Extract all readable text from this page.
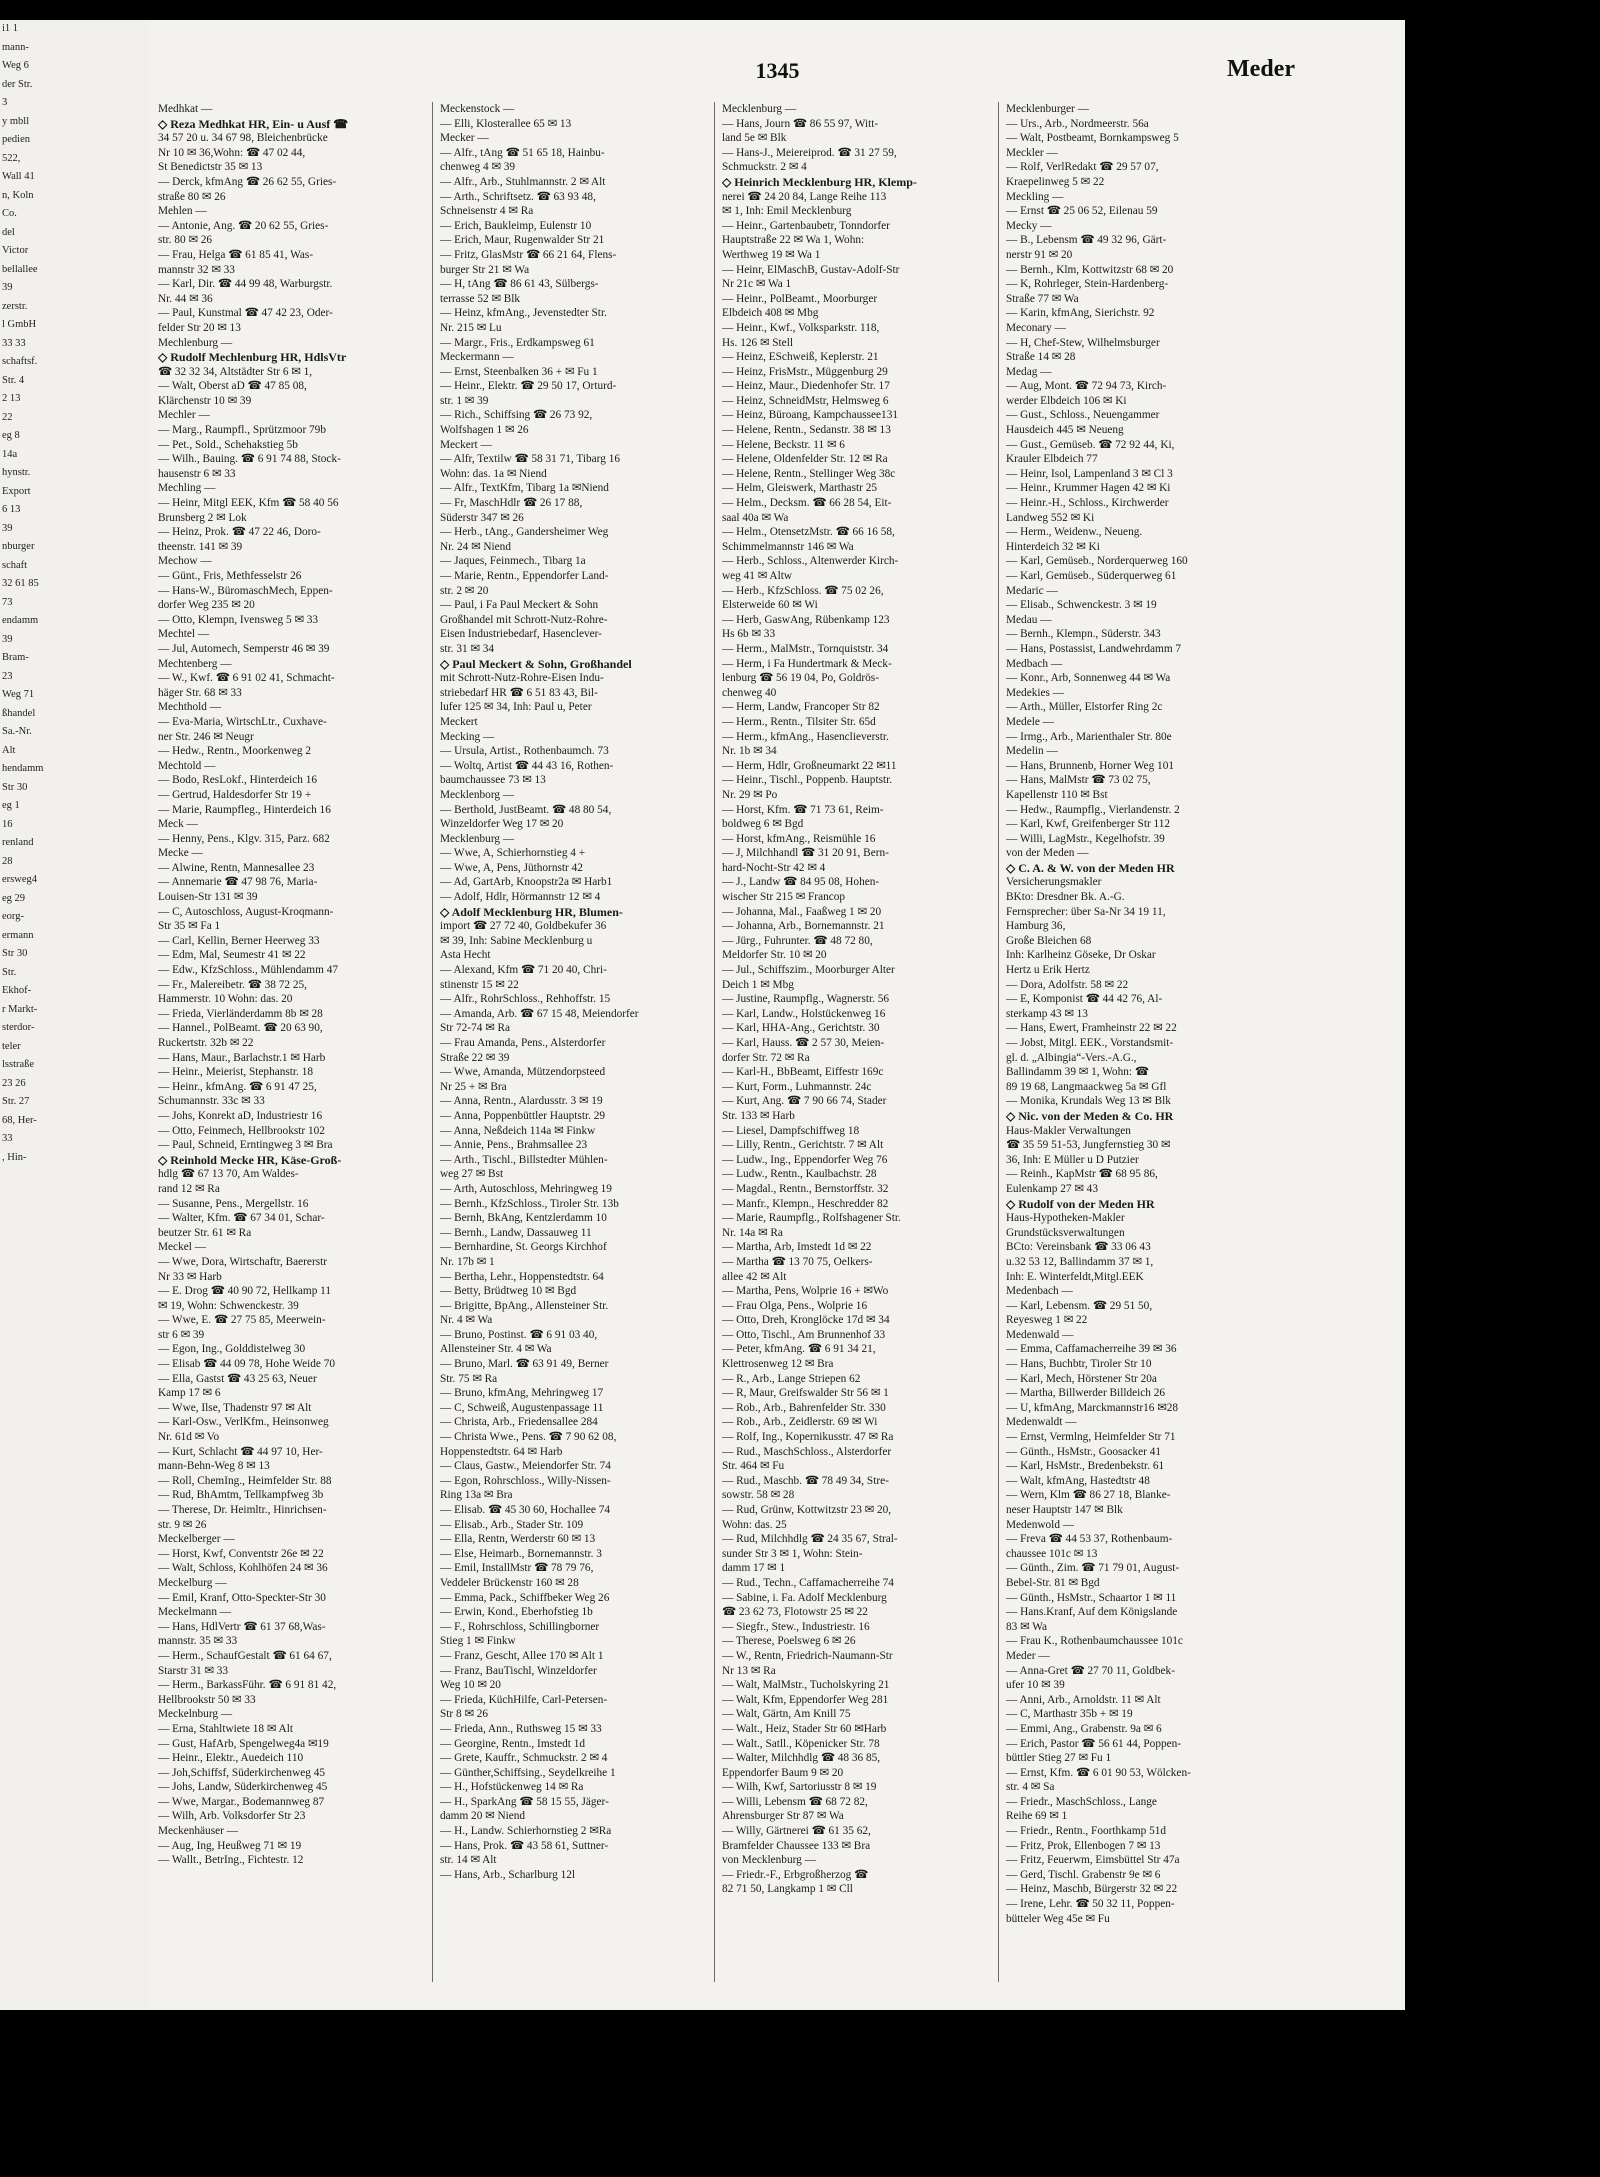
i1 1
mann-
Weg 6
der Str.
3
y mbll
pedien
522,
Wall 41
n, Koln
Co.
del
Victor
bellallee
39
zerstr.
l GmbH
33 33
schaftsf.
Str. 4
2 13
22
eg 8
14a
hynstr.
Export
6 13
39
nburger
schaft
32 61 85
73
endamm
39
Bram-
23
Weg 71
ßhandel
Sa.-Nr.
Alt
hendamm
Str 30
eg 1
16
renland
28
ersweg4
eg 29
eorg-
ermann
Str 30
Str.
Ekhof-
r Markt-
sterdor-
teler
lsstraße
23 26
Str. 27
68, Her-
33
, Hin-
1345	Meder
Medhkat —
◇ Reza Medhkat HR, Ein- u Ausf ☎
34 57 20 u. 34 67 98, Bleichenbrücke
Nr 10 ✉ 36,Wohn: ☎ 47 02 44,
St Benedictstr 35 ✉ 13
— Derck, kfmAng ☎ 26 62 55, Gries-
straße 80 ✉ 26
Mehlen —
— Antonie, Ang. ☎ 20 62 55, Gries-
str. 80 ✉ 26
— Frau, Helga ☎ 61 85 41, Was-
mannstr 32 ✉ 33
— Karl, Dir. ☎ 44 99 48, Warburgstr.
Nr. 44 ✉ 36
— Paul, Kunstmal ☎ 47 42 23, Oder-
felder Str 20 ✉ 13
Mechlenburg —
◇ Rudolf Mechlenburg HR, HdlsVtr
☎ 32 32 34, Altstädter Str 6 ✉ 1,
— Walt, Oberst aD ☎ 47 85 08,
Klärchenstr 10 ✉ 39
Mechler —
— Marg., Raumpfl., Sprützmoor 79b
— Pet., Sold., Schehakstieg 5b
— Wilh., Bauing. ☎ 6 91 74 88, Stock-
hausenstr 6 ✉ 33
Mechling —
— Heinr, Mitgl EEK, Kfm ☎ 58 40 56
Brunsberg 2 ✉ Lok
— Heinz, Prok. ☎ 47 22 46, Doro-
theenstr. 141 ✉ 39
Mechow —
— Günt., Fris, Methfesselstr 26
— Hans-W., BüromaschMech, Eppen-
dorfer Weg 235 ✉ 20
— Otto, Klempn, Ivensweg 5 ✉ 33
Mechtel —
— Jul, Automech, Semperstr 46 ✉ 39
Mechtenberg —
— W., Kwf. ☎ 6 91 02 41, Schmacht-
häger Str. 68 ✉ 33
Mechthold —
— Eva-Maria, WirtschLtr., Cuxhave-
ner Str. 246 ✉ Neugr
— Hedw., Rentn., Moorkenweg 2
Mechtold —
— Bodo, ResLokf., Hinterdeich 16
— Gertrud, Haldesdorfer Str 19 +
— Marie, Raumpfleg., Hinterdeich 16
Meck —
— Henny, Pens., Klgv. 315, Parz. 682
Mecke —
— Alwine, Rentn, Mannesallee 23
— Annemarie ☎ 47 98 76, Maria-
Louisen-Str 131 ✉ 39
— C, Autoschloss, August-Kroqmann-
Str 35 ✉ Fa 1
— Carl, Kellin, Berner Heerweg 33
— Edm, Mal, Seumestr 41 ✉ 22
— Edw., KfzSchloss., Mühlendamm 47
— Fr., Malereibetr. ☎ 38 72 25,
Hammerstr. 10 Wohn: das. 20
— Frieda, Vierländerdamm 8b ✉ 28
— Hannel., PolBeamt. ☎ 20 63 90,
Ruckertstr. 32b ✉ 22
— Hans, Maur., Barlachstr.1 ✉ Harb
— Heinr., Meierist, Stephanstr. 18
— Heinr., kfmAng. ☎ 6 91 47 25,
Schumannstr. 33c ✉ 33
— Johs, Konrekt aD, Industriestr 16
— Otto, Feinmech, Hellbrookstr 102
— Paul, Schneid, Erntingweg 3 ✉ Bra
◇ Reinhold Mecke HR, Käse-Groß-
hdlg ☎ 67 13 70, Am Waldes-
rand 12 ✉ Ra
— Susanne, Pens., Mergellstr. 16
— Walter, Kfm. ☎ 67 34 01, Schar-
beutzer Str. 61 ✉ Ra
Meckel —
— Wwe, Dora, Wirtschaftr, Baererstr
Nr 33 ✉ Harb
— E. Drog ☎ 40 90 72, Hellkamp 11
✉ 19, Wohn: Schwenckestr. 39
— Wwe, E. ☎ 27 75 85, Meerwein-
str 6 ✉ 39
— Egon, Ing., Golddistelweg 30
— Elisab ☎ 44 09 78, Hohe Weide 70
— Ella, Gastst ☎ 43 25 63, Neuer
Kamp 17 ✉ 6
— Wwe, Ilse, Thadenstr 97 ✉ Alt
— Karl-Osw., VerlKfm., Heinsonweg
Nr. 61d ✉ Vo
— Kurt, Schlacht ☎ 44 97 10, Her-
mann-Behn-Weg 8 ✉ 13
— Roll, ChemIng., Heimfelder Str. 88
— Rud, BhAmtm, Tellkampfweg 3b
— Therese, Dr. Heimltr., Hinrichsen-
str. 9 ✉ 26
Meckelberger —
— Horst, Kwf, Conventstr 26e ✉ 22
— Walt, Schloss, Kohlhöfen 24 ✉ 36
Meckelburg —
— Emil, Kranf, Otto-Speckter-Str 30
Meckelmann —
— Hans, HdlVertr ☎ 61 37 68,Was-
mannstr. 35 ✉ 33
— Herm., SchaufGestalt ☎ 61 64 67,
Starstr 31 ✉ 33
— Herm., BarkassFühr. ☎ 6 91 81 42,
Hellbrookstr 50 ✉ 33
Meckelnburg —
— Erna, Stahltwiete 18 ✉ Alt
— Gust, HafArb, Spengelweg4a ✉19
— Heinr., Elektr., Auedeich 110
— Joh,Schiffsf, Süderkirchenweg 45
— Johs, Landw, Süderkirchenweg 45
— Wwe, Margar., Bodemannweg 87
— Wilh, Arb. Volksdorfer Str 23
Meckenhäuser —
— Aug, Ing, Heußweg 71 ✉ 19
— Wallt., BetrIng., Fichtestr. 12
Meckenstock —
— Elli, Klosterallee 65 ✉ 13
Mecker —
— Alfr., tAng ☎ 51 65 18, Hainbu-
chenweg 4 ✉ 39
— Alfr., Arb., Stuhlmannstr. 2 ✉ Alt
— Arth., Schriftsetz. ☎ 63 93 48,
Schneisenstr 4 ✉ Ra
— Erich, Baukleimp, Eulenstr 10
— Erich, Maur, Rugenwalder Str 21
— Fritz, GlasMstr ☎ 66 21 64, Flens-
burger Str 21 ✉ Wa
— H, tAng ☎ 86 61 43, Sülbergs-
terrasse 52 ✉ Blk
— Heinz, kfmAng., Jevenstedter Str.
Nr. 215 ✉ Lu
— Margr., Fris., Erdkampsweg 61
Meckermann —
— Ernst, Steenbalken 36 + ✉ Fu 1
— Heinr., Elektr. ☎ 29 50 17, Orturd-
str. 1 ✉ 39
— Rich., Schiffsing ☎ 26 73 92,
Wolfshagen 1 ✉ 26
Meckert —
— Alfr, Textilw ☎ 58 31 71, Tibarg 16
Wohn: das. 1a ✉ Niend
— Alfr., TextKfm, Tibarg 1a ✉Niend
— Fr, MaschHdlr ☎ 26 17 88,
Süderstr 347 ✉ 26
— Herb., tAng., Gandersheimer Weg
Nr. 24 ✉ Niend
— Jaques, Feinmech., Tibarg 1a
— Marie, Rentn., Eppendorfer Land-
str. 2 ✉ 20
— Paul, i Fa Paul Meckert & Sohn
Großhandel mit Schrott-Nutz-Rohre-
Eisen Industriebedarf, Hasenclever-
str. 31 ✉ 34
◇ Paul Meckert & Sohn, Großhandel
mit Schrott-Nutz-Rohre-Eisen Indu-
striebedarf HR ☎ 6 51 83 43, Bil-
lufer 125 ✉ 34, Inh: Paul u, Peter
Meckert
Mecking —
— Ursula, Artist., Rothenbaumch. 73
— Woltq, Artist ☎ 44 43 16, Rothen-
baumchaussee 73 ✉ 13
Mecklenborg —
— Berthold, JustBeamt. ☎ 48 80 54,
Winzeldorfer Weg 17 ✉ 20
Mecklenburg —
— Wwe, A, Schierhornstieg 4 +
— Wwe, A, Pens, Jüthornstr 42
— Ad, GartArb, Knoopstr2a ✉ Harb1
— Adolf, Hdlr, Hörmannstr 12 ✉ 4
◇ Adolf Mecklenburg HR, Blumen-
import ☎ 27 72 40, Goldbekufer 36
✉ 39, Inh: Sabine Mecklenburg u
Asta Hecht
— Alexand, Kfm ☎ 71 20 40, Chri-
stinenstr 15 ✉ 22
— Alfr., RohrSchloss., Rehhoffstr. 15
— Amanda, Arb. ☎ 67 15 48, Meiendorfer
Str 72-74 ✉ Ra
— Frau Amanda, Pens., Alsterdorfer
Straße 22 ✉ 39
— Wwe, Amanda, Mützendorpsteed
Nr 25 + ✉ Bra
— Anna, Rentn., Alardusstr. 3 ✉ 19
— Anna, Poppenbüttler Hauptstr. 29
— Anna, Neßdeich 114a ✉ Finkw
— Annie, Pens., Brahmsallee 23
— Arth., Tischl., Billstedter Mühlen-
weg 27 ✉ Bst
— Arth, Autoschloss, Mehringweg 19
— Bernh., KfzSchloss., Tiroler Str. 13b
— Bernh, BkAng, Kentzlerdamm 10
— Bernh., Landw, Dassauweg 11
— Bernhardine, St. Georgs Kirchhof
Nr. 17b ✉ 1
— Bertha, Lehr., Hoppenstedtstr. 64
— Betty, Brüdtweg 10 ✉ Bgd
— Brigitte, BpAng., Allensteiner Str.
Nr. 4 ✉ Wa
— Bruno, Postinst. ☎ 6 91 03 40,
Allensteiner Str. 4 ✉ Wa
— Bruno, Marl. ☎ 63 91 49, Berner
Str. 75 ✉ Ra
— Bruno, kfmAng, Mehringweg 17
— C, Schweiß, Augustenpassage 11
— Christa, Arb., Friedensallee 284
— Christa Wwe., Pens. ☎ 7 90 62 08,
Hoppenstedtstr. 64 ✉ Harb
— Claus, Gastw., Meiendorfer Str. 74
— Egon, Rohrschloss., Willy-Nissen-
Ring 13a ✉ Bra
— Elisab. ☎ 45 30 60, Hochallee 74
— Elisab., Arb., Stader Str. 109
— Ella, Rentn, Werderstr 60 ✉ 13
— Else, Heimarb., Bornemannstr. 3
— Emil, InstallMstr ☎ 78 79 76,
Veddeler Brückenstr 160 ✉ 28
— Emma, Pack., Schiffbeker Weg 26
— Erwin, Kond., Eberhofstieg 1b
— F., Rohrschloss, Schillingborner
Stieg 1 ✉ Finkw
— Franz, Gescht, Allee 170 ✉ Alt 1
— Franz, BauTischl, Winzeldorfer
Weg 10 ✉ 20
— Frieda, KüchHilfe, Carl-Petersen-
Str 8 ✉ 26
— Frieda, Ann., Ruthsweg 15 ✉ 33
— Georgine, Rentn., Imstedt 1d
— Grete, Kauffr., Schmuckstr. 2 ✉ 4
— Günther,Schiffsing., Seydelkreihe 1
— H., Hofstückenweg 14 ✉ Ra
— H., SparkAng ☎ 58 15 55, Jäger-
damm 20 ✉ Niend
— H., Landw. Schierhornstieg 2 ✉Ra
— Hans, Prok. ☎ 43 58 61, Suttner-
str. 14 ✉ Alt
— Hans, Arb., Scharlburg 12l
Mecklenburg —
— Hans, Journ ☎ 86 55 97, Witt-
land 5e ✉ Blk
— Hans-J., Meiereiprod. ☎ 31 27 59,
Schmuckstr. 2 ✉ 4
◇ Heinrich Mecklenburg HR, Klemp-
nerei ☎ 24 20 84, Lange Reihe 113
✉ 1, Inh: Emil Mecklenburg
— Heinr., Gartenbaubetr, Tonndorfer
Hauptstraße 22 ✉ Wa 1, Wohn:
Werthweg 19 ✉ Wa 1
— Heinr, ElMaschB, Gustav-Adolf-Str
Nr 21c ✉ Wa 1
— Heinr., PolBeamt., Moorburger
Elbdeich 408 ✉ Mbg
— Heinr., Kwf., Volksparkstr. 118,
Hs. 126 ✉ Stell
— Heinz, ESchweiß, Keplerstr. 21
— Heinz, FrisMstr., Müggenburg 29
— Heinz, Maur., Diedenhofer Str. 17
— Heinz, SchneidMstr, Helmsweg 6
— Heinz, Büroang, Kampchaussee131
— Helene, Rentn., Sedanstr. 38 ✉ 13
— Helene, Beckstr. 11 ✉ 6
— Helene, Oldenfelder Str. 12 ✉ Ra
— Helene, Rentn., Stellinger Weg 38c
— Helm, Gleiswerk, Marthastr 25
— Helm., Decksm. ☎ 66 28 54, Eit-
saal 40a ✉ Wa
— Helm., OtensetzMstr. ☎ 66 16 58,
Schimmelmannstr 146 ✉ Wa
— Herb., Schloss., Altenwerder Kirch-
weg 41 ✉ Altw
— Herb., KfzSchloss. ☎ 75 02 26,
Elsterweide 60 ✉ Wi
— Herb, GaswAng, Rübenkamp 123
Hs 6b ✉ 33
— Herm., MalMstr., Tornquiststr. 34
— Herm, i Fa Hundertmark & Meck-
lenburg ☎ 56 19 04, Po, Goldrös-
chenweg 40
— Herm, Landw, Francoper Str 82
— Herm., Rentn., Tilsiter Str. 65d
— Herm., kfmAng., Hasenclieverstr.
Nr. 1b ✉ 34
— Herm, Hdlr, Großneumarkt 22 ✉11
— Heinr., Tischl., Poppenb. Hauptstr.
Nr. 29 ✉ Po
— Horst, Kfm. ☎ 71 73 61, Reim-
boldweg 6 ✉ Bgd
— Horst, kfmAng., Reismühle 16
— J, Milchhandl ☎ 31 20 91, Bern-
hard-Nocht-Str 42 ✉ 4
— J., Landw ☎ 84 95 08, Hohen-
wischer Str 215 ✉ Francop
— Johanna, Mal., Faaßweg 1 ✉ 20
— Johanna, Arb., Bornemannstr. 21
— Jürg., Fuhrunter. ☎ 48 72 80,
Meldorfer Str. 10 ✉ 20
— Jul., Schiffszim., Moorburger Alter
Deich 1 ✉ Mbg
— Justine, Raumpflg., Wagnerstr. 56
— Karl, Landw., Holstückenweg 16
— Karl, HHA-Ang., Gerichtstr. 30
— Karl, Hauss. ☎ 2 57 30, Meien-
dorfer Str. 72 ✉ Ra
— Karl-H., BbBeamt, Eiffestr 169c
— Kurt, Form., Luhmannstr. 24c
— Kurt, Ang. ☎ 7 90 66 74, Stader
Str. 133 ✉ Harb
— Liesel, Dampfschiffweg 18
— Lilly, Rentn., Gerichtstr. 7 ✉ Alt
— Ludw., Ing., Eppendorfer Weg 76
— Ludw., Rentn., Kaulbachstr. 28
— Magdal., Rentn., Bernstorffstr. 32
— Manfr., Klempn., Heschredder 82
— Marie, Raumpflg., Rolfshagener Str.
Nr. 14a ✉ Ra
— Martha, Arb, Imstedt 1d ✉ 22
— Martha ☎ 13 70 75, Oelkers-
allee 42 ✉ Alt
— Martha, Pens, Wolprie 16 + ✉Wo
— Frau Olga, Pens., Wolprie 16
— Otto, Dreh, Kronglöcke 17d ✉ 34
— Otto, Tischl., Am Brunnenhof 33
— Peter, kfmAng. ☎ 6 91 34 21,
Klettrosenweg 12 ✉ Bra
— R., Arb., Lange Striepen 62
— R, Maur, Greifswalder Str 56 ✉ 1
— Rob., Arb., Bahrenfelder Str. 330
— Rob., Arb., Zeidlerstr. 69 ✉ Wi
— Rolf, Ing., Kopernikusstr. 47 ✉ Ra
— Rud., MaschSchloss., Alsterdorfer
Str. 464 ✉ Fu
— Rud., Maschb. ☎ 78 49 34, Stre-
sowstr. 58 ✉ 28
— Rud, Grünw, Kottwitzstr 23 ✉ 20,
Wohn: das. 25
— Rud, Milchhdlg ☎ 24 35 67, Stral-
sunder Str 3 ✉ 1, Wohn: Stein-
damm 17 ✉ 1
— Rud., Techn., Caffamacherreihe 74
— Sabine, i. Fa. Adolf Mecklenburg
☎ 23 62 73, Flotowstr 25 ✉ 22
— Siegfr., Stew., Industriestr. 16
— Therese, Poelsweg 6 ✉ 26
— W., Rentn, Friedrich-Naumann-Str
Nr 13 ✉ Ra
— Walt, MalMstr., Tucholskyring 21
— Walt, Kfm, Eppendorfer Weg 281
— Walt, Gärtn, Am Knill 75
— Walt., Heiz, Stader Str 60 ✉Harb
— Walt., Satll., Köpenicker Str. 78
— Walter, Milchhdlg ☎ 48 36 85,
Eppendorfer Baum 9 ✉ 20
— Wilh, Kwf, Sartoriusstr 8 ✉ 19
— Willi, Lebensm ☎ 68 72 82,
Ahrensburger Str 87 ✉ Wa
— Willy, Gärtnerei ☎ 61 35 62,
Bramfelder Chaussee 133 ✉ Bra
von Mecklenburg —
— Friedr.-F., Erbgroßherzog ☎
82 71 50, Langkamp 1 ✉ Cll
Mecklenburger —
— Urs., Arb., Nordmeerstr. 56a
— Walt, Postbeamt, Bornkampsweg 5
Meckler —
— Rolf, VerlRedakt ☎ 29 57 07,
Kraepelinweg 5 ✉ 22
Meckling —
— Ernst ☎ 25 06 52, Eilenau 59
Mecky —
— B., Lebensm ☎ 49 32 96, Gärt-
nerstr 91 ✉ 20
— Bernh., Klm, Kottwitzstr 68 ✉ 20
— K, Rohrleger, Stein-Hardenberg-
Straße 77 ✉ Wa
— Karin, kfmAng, Sierichstr. 92
Meconary —
— H, Chef-Stew, Wilhelmsburger
Straße 14 ✉ 28
Medag —
— Aug, Mont. ☎ 72 94 73, Kirch-
werder Elbdeich 106 ✉ Ki
— Gust., Schloss., Neuengammer
Hausdeich 445 ✉ Neueng
— Gust., Gemüseb. ☎ 72 92 44, Ki,
Krauler Elbdeich 77
— Heinr, Isol, Lampenland 3 ✉ Cl 3
— Heinr., Krummer Hagen 42 ✉ Ki
— Heinr.-H., Schloss., Kirchwerder
Landweg 552 ✉ Ki
— Herm., Weidenw., Neueng.
Hinterdeich 32 ✉ Ki
— Karl, Gemüseb., Norderquerweg 160
— Karl, Gemüseb., Süderquerweg 61
Medaric —
— Elisab., Schwenckestr. 3 ✉ 19
Medau —
— Bernh., Klempn., Süderstr. 343
— Hans, Postassist, Landwehrdamm 7
Medbach —
— Konr., Arb, Sonnenweg 44 ✉ Wa
Medekies —
— Arth., Müller, Elstorfer Ring 2c
Medele —
— Irmg., Arb., Marienthaler Str. 80e
Medelin —
— Hans, Brunnenb, Horner Weg 101
— Hans, MalMstr ☎ 73 02 75,
Kapellenstr 110 ✉ Bst
— Hedw., Raumpflg., Vierlandenstr. 2
— Karl, Kwf, Greifenberger Str 112
— Willi, LagMstr., Kegelhofstr. 39
von der Meden —
◇ C. A. & W. von der Meden HR
Versicherungsmakler
BKto: Dresdner Bk. A.-G.
Fernsprecher: über Sa-Nr 34 19 11,
Hamburg 36,
Große Bleichen 68
Inh: Karlheinz Göseke, Dr Oskar
Hertz u Erik Hertz
— Dora, Adolfstr. 58 ✉ 22
— E, Komponist ☎ 44 42 76, Al-
sterkamp 43 ✉ 13
— Hans, Ewert, Framheinstr 22 ✉ 22
— Jobst, Mitgl. EEK., Vorstandsmit-
gl. d. „Albingia“-Vers.-A.G.,
Ballindamm 39 ✉ 1, Wohn: ☎
89 19 68, Langmaackweg 5a ✉ Gfl
— Monika, Krundals Weg 13 ✉ Blk
◇ Nic. von der Meden & Co. HR
Haus-Makler Verwaltungen
☎ 35 59 51-53, Jungfernstieg 30 ✉
36, Inh: E Müller u D Putzier
— Reinh., KapMstr ☎ 68 95 86,
Eulenkamp 27 ✉ 43
◇ Rudolf von der Meden HR
Haus-Hypotheken-Makler
Grundstücksverwaltungen
BCto: Vereinsbank ☎ 33 06 43
u.32 53 12, Ballindamm 37 ✉ 1,
Inh: E. Winterfeldt,Mitgl.EEK
Medenbach —
— Karl, Lebensm. ☎ 29 51 50,
Reyesweg 1 ✉ 22
Medenwald —
— Emma, Caffamacherreihe 39 ✉ 36
— Hans, Buchbtr, Tiroler Str 10
— Karl, Mech, Hörstener Str 20a
— Martha, Billwerder Billdeich 26
— U, kfmAng, Marckmannstr16 ✉28
Medenwaldt —
— Ernst, Vermlng, Heimfelder Str 71
— Günth., HsMstr., Goosacker 41
— Karl, HsMstr., Bredenbekstr. 61
— Walt, kfmAng, Hastedtstr 48
— Wern, Klm ☎ 86 27 18, Blanke-
neser Hauptstr 147 ✉ Blk
Medenwold —
— Freva ☎ 44 53 37, Rothenbaum-
chaussee 101c ✉ 13
— Günth., Zim. ☎ 71 79 01, August-
Bebel-Str. 81 ✉ Bgd
— Günth., HsMstr., Schaartor 1 ✉ 11
— Hans.Kranf, Auf dem Königslande
83 ✉ Wa
— Frau K., Rothenbaumchaussee 101c
Meder —
— Anna-Gret ☎ 27 70 11, Goldbek-
ufer 10 ✉ 39
— Anni, Arb., Arnoldstr. 11 ✉ Alt
— C, Marthastr 35b + ✉ 19
— Emmi, Ang., Grabenstr. 9a ✉ 6
— Erich, Pastor ☎ 56 61 44, Poppen-
büttler Stieg 27 ✉ Fu 1
— Ernst, Kfm. ☎ 6 01 90 53, Wölcken-
str. 4 ✉ Sa
— Friedr., MaschSchloss., Lange
Reihe 69 ✉ 1
— Friedr., Rentn., Foorthkamp 51d
— Fritz, Prok, Ellenbogen 7 ✉ 13
— Fritz, Feuerwm, Eimsbüttel Str 47a
— Gerd, Tischl. Grabenstr 9e ✉ 6
— Heinz, Maschb, Bürgerstr 32 ✉ 22
— Irene, Lehr. ☎ 50 32 11, Poppen-
bütteler Weg 45e ✉ Fu
